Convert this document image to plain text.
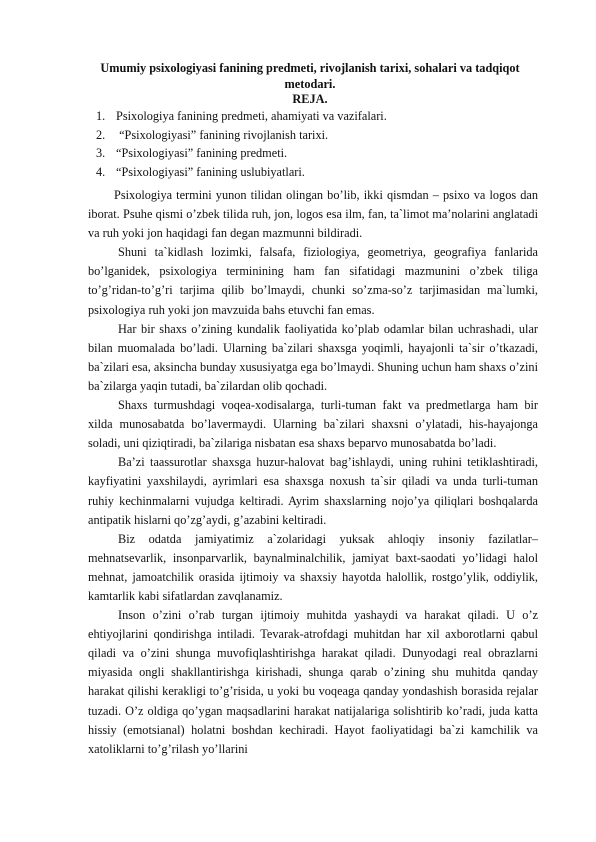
Umumiy psixologiyasi fanining predmeti, rivojlanish tarixi, sohalari va tadqiqot metodari.
REJA.
1. Psixologiya fanining predmeti, ahamiyati va vazifalari.
2. “Psixologiyasi” fanining rivojlanish tarixi.
3. “Psixologiyasi” fanining predmeti.
4. “Psixologiyasi” fanining uslubiyatlari.

Psixologiya termini yunon tilidan olingan bo’lib, ikki qismdan – psixo va logos dan iborat. Psuhe qismi o’zbek tilida ruh, jon, logos esa ilm, fan, ta`limot ma’nolarini anglatadi va ruh yoki jon haqidagi fan degan mazmunni bildiradi.

Shuni ta`kidlash lozimki, falsafa, fiziologiya, geometriya, geografiya fanlarida bo’lganidek, psixologiya terminining ham fan sifatidagi mazmunini o’zbek tiliga to’g’ridan-to’g’ri tarjima qilib bo’lmaydi, chunki so’zma-so’z tarjimasidan ma`lumki, psixologiya ruh yoki jon mavzuida bahs etuvchi fan emas.

Har bir shaxs o’zining kundalik faoliyatida ko’plab odamlar bilan uchrashadi, ular bilan muomalada bo’ladi. Ularning ba`zilari shaxsga yoqimli, hayajonli ta`sir o’tkazadi, ba`zilari esa, aksincha bunday xususiyatga ega bo’lmaydi. Shuning uchun ham shaxs o’zini ba`zilarga yaqin tutadi, ba`zilardan olib qochadi.

Shaxs turmushdagi voqea-xodisalarga, turli-tuman fakt va predmetlarga ham bir xilda munosabatda bo’lavermaydi. Ularning ba`zilari shaxsni o’ylatadi, his-hayajonga soladi, uni qiziqtiradi, ba`zilariga nisbatan esa shaxs beparvo munosabatda bo’ladi.

Ba’zi taassurotlar shaxsga huzur-halovat bag’ishlaydi, uning ruhini tetiklashtiradi, kayfiyatini yaxshilaydi, ayrimlari esa shaxsga noxush ta`sir qiladi va unda turli-tuman ruhiy kechinmalarni vujudga keltiradi. Ayrim shaxslarning nojo’ya qiliqlari boshqalarda antipatik hislarni qo’zg’aydi, g’azabini keltiradi.

Biz odatda jamiyatimiz a`zolaridagi yuksak ahloqiy insoniy fazilatlar– mehnatsevarlik, insonparvarlik, baynalminalchilik, jamiyat baxt-saodati yo’lidagi halol mehnat, jamoatchilik orasida ijtimoiy va shaxsiy hayotda halollik, rostgo’ylik, oddiylik, kamtarlik kabi sifatlardan zavqlanamiz.

Inson o’zini o’rab turgan ijtimoiy muhitda yashaydi va harakat qiladi. U o’z ehtiyojlarini qondirishga intiladi. Tevarak-atrofdagi muhitdan har xil axborotlarni qabul qiladi va o’zini shunga muvofiqlashtirishga harakat qiladi. Dunyodagi real obrazlarni miyasida ongli shakllantirishga kirishadi, shunga qarab o’zining shu muhitda qanday harakat qilishi kerakligi to’g’risida, u yoki bu voqeaga qanday yondashish borasida rejalar tuzadi. O’z oldiga qo’ygan maqsadlarini harakat natijalariga solishtirib ko’radi, juda katta hissiy (emotsianal) holatni boshdan kechiradi. Hayot faoliyatidagi ba`zi kamchilik va xatoliklarni to’g’rilash yo’llarini
